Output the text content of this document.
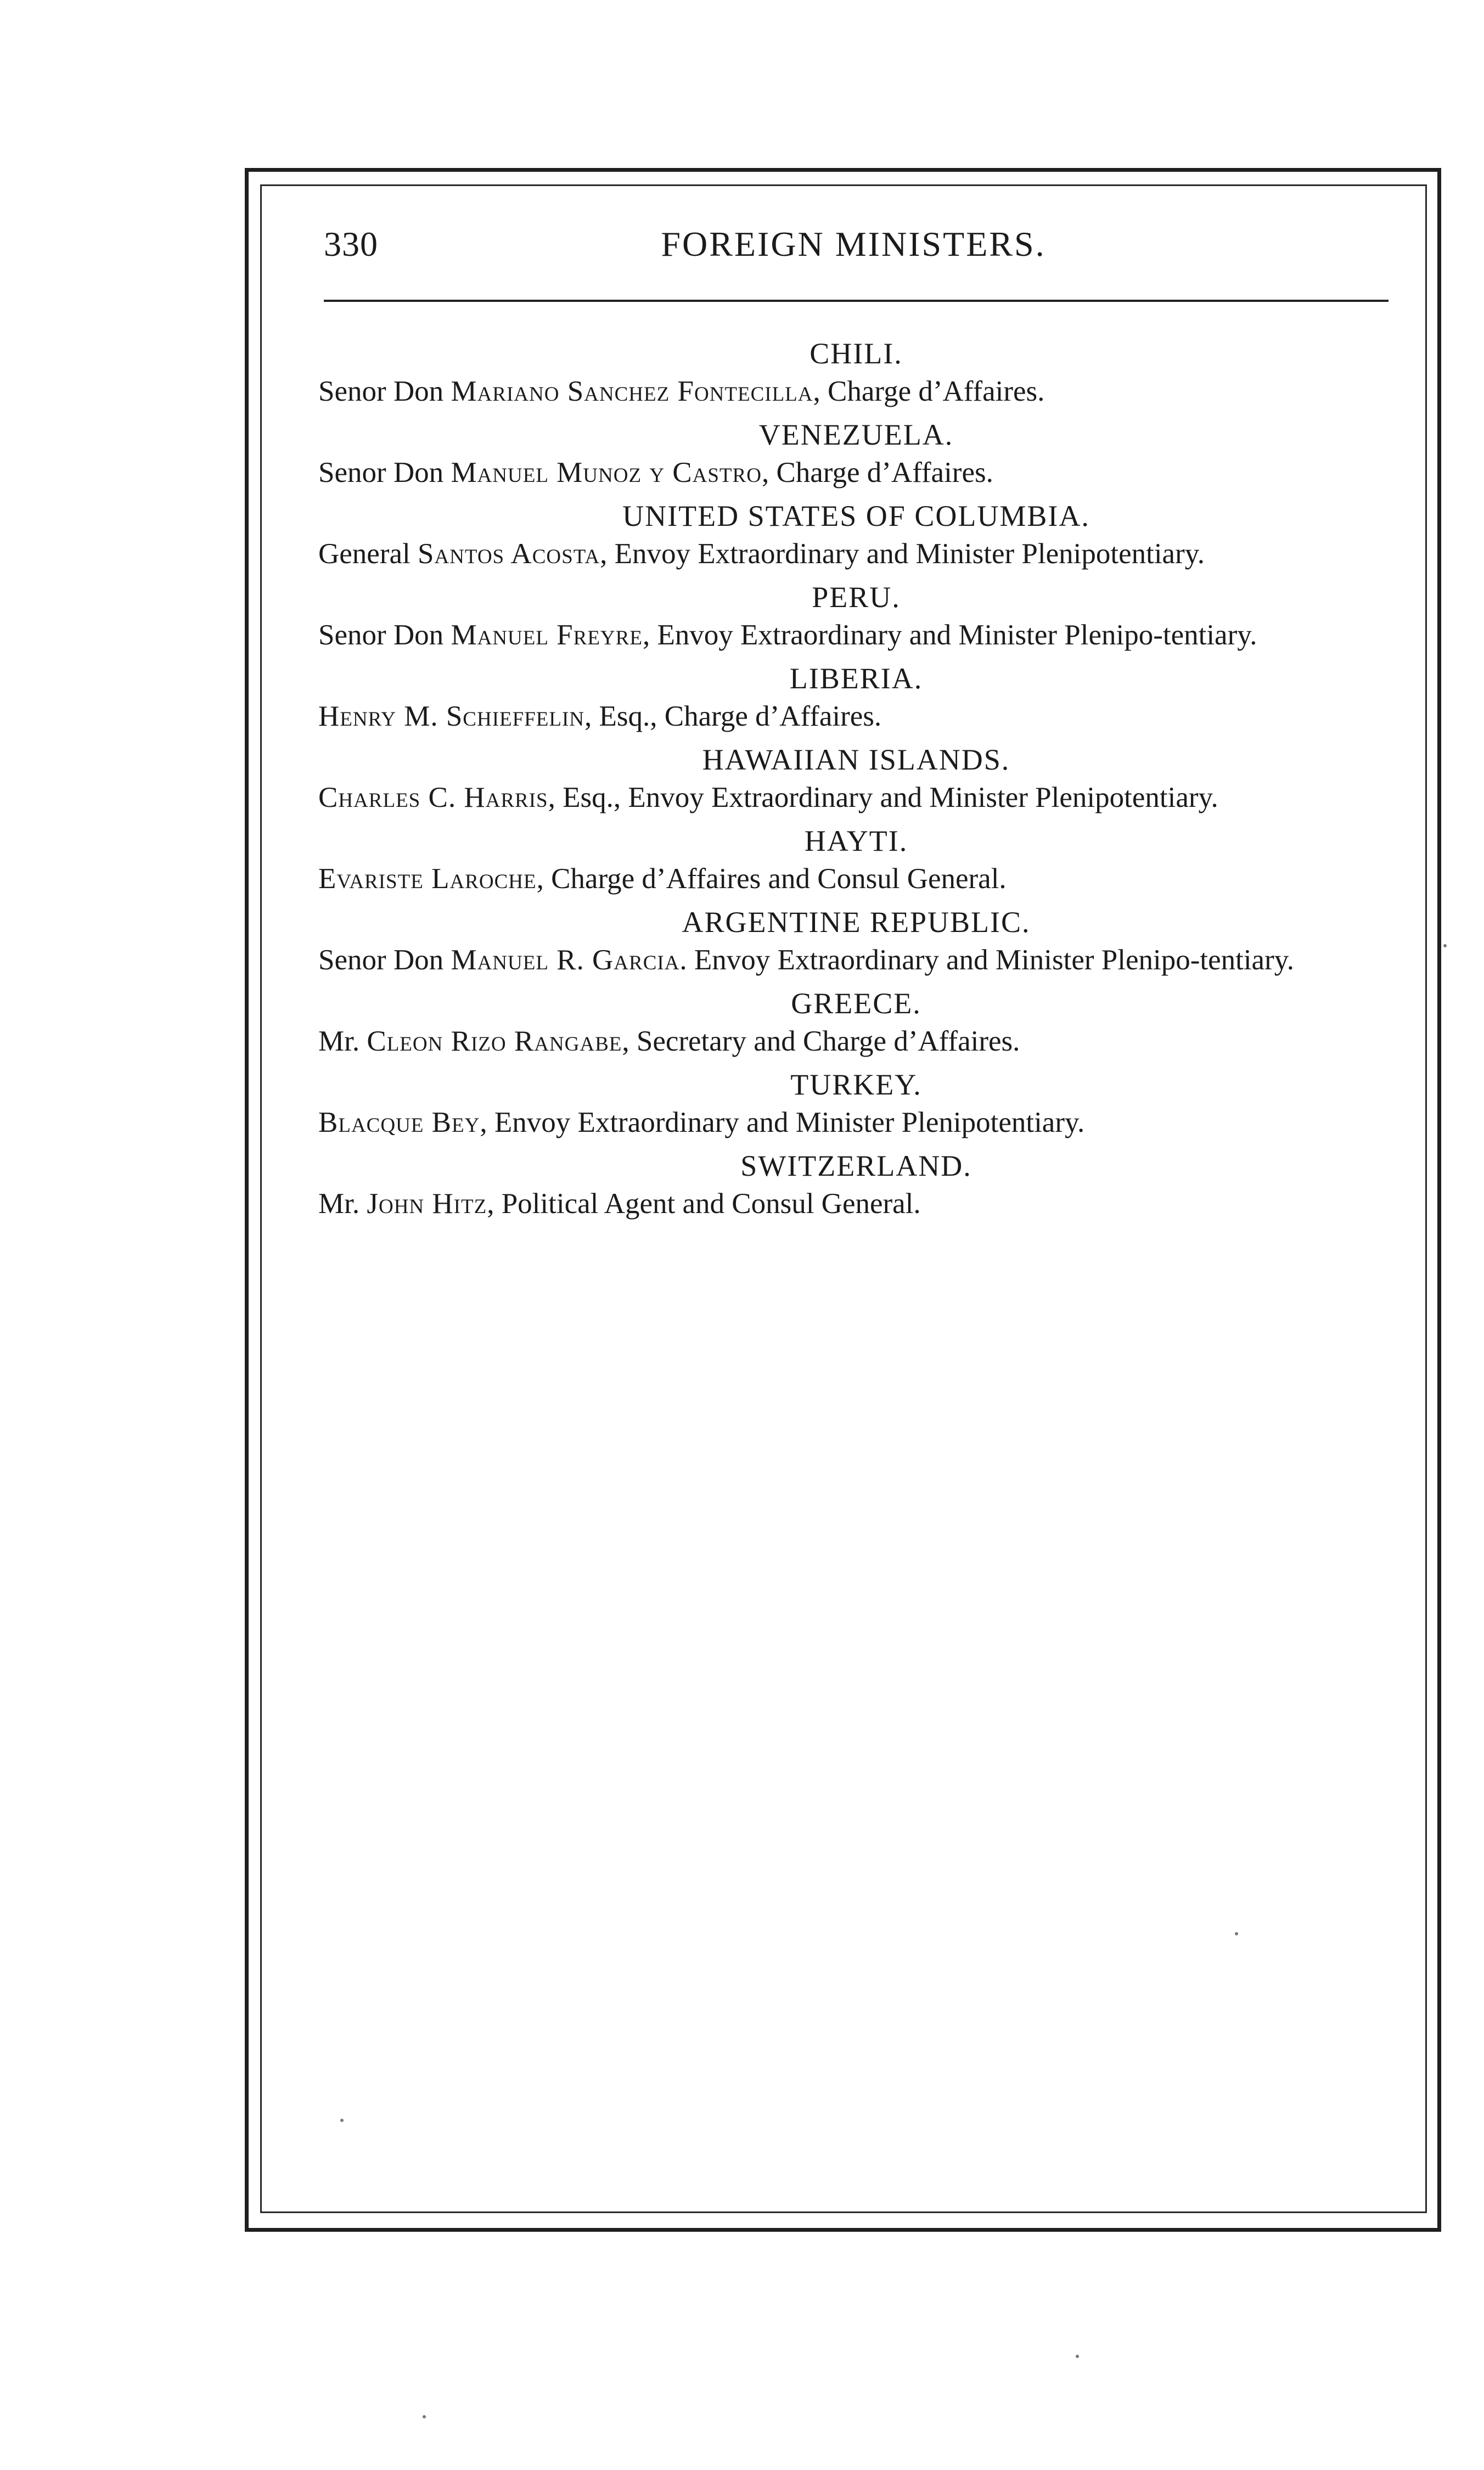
330	FOREIGN MINISTERS.
CHILI.
Senor Don Mariano Sanchez Fontecilla, Charge d’Affaires.
VENEZUELA.
Senor Don Manuel Munoz y Castro, Charge d’Affaires.
UNITED STATES OF COLUMBIA.
General Santos Acosta, Envoy Extraordinary and Minister Plenipotentiary.
PERU.
Senor Don Manuel Freyre, Envoy Extraordinary and Minister Plenipo-tentiary.
LIBERIA.
Henry M. Schieffelin, Esq., Charge d’Affaires.
HAWAIIAN ISLANDS.
Charles C. Harris, Esq., Envoy Extraordinary and Minister Plenipotentiary.
HAYTI.
Evariste Laroche, Charge d’Affaires and Consul General.
ARGENTINE REPUBLIC.
Senor Don Manuel R. Garcia. Envoy Extraordinary and Minister Plenipo-tentiary.
GREECE.
Mr. Cleon Rizo Rangabe, Secretary and Charge d’Affaires.
TURKEY.
Blacque Bey, Envoy Extraordinary and Minister Plenipotentiary.
SWITZERLAND.
Mr. John Hitz, Political Agent and Consul General.
